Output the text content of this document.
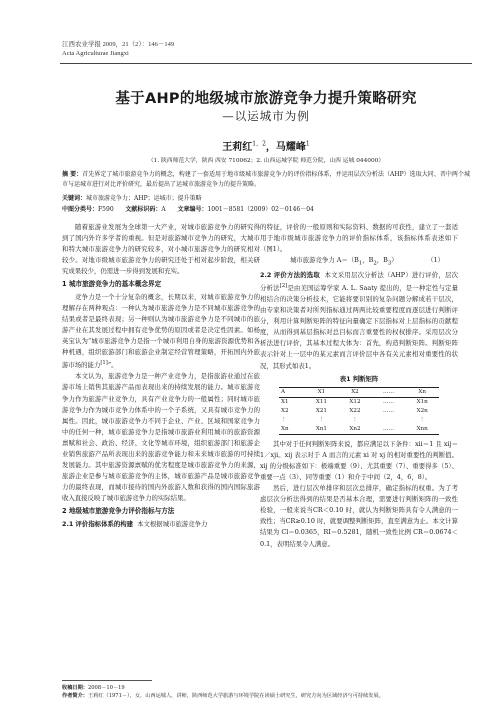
江西农业学报 2009，21（2）：146－149
Acta Agriculturae Jiangxi
基于AHP的地级城市旅游竞争力提升策略研究
—以运城市为例
王莉红$^{1,2}$，马耀峰$^1$
（1. 陕西师范大学，陕西 西安 710062；2. 山西运城学院 师范分院，山西 运城 044000）
摘 要：首先界定了城市旅游竞争力的概念，构建了一套适用于地市级城市旅游竞争力的评价指标体系，并运用层次分析法（AHP）选取大同、晋中两个城市与运城市进行对比评价研究，最后提出了运城市旅游竞争力的提升策略。
关键词：城市旅游竞争力；AHP；运城市；提升策略
中图分类号：F590 文献标识码：A 文章编号：1001－8581（2009）02－0146－04

随着旅游业发展为全球第一大产业，对城市旅游竞争力的研究得到了国内外许多学者的重视。但是对旅游城市竞争力的研究，大城市和特大城市旅游竞争力的研究较多，对小城市旅游竞争力的研究相对较少。对地市级城市旅游竞争力的研究还处于相对起步阶段，相关研究成果较少，仍需进一步得到发展和充实。

1 城市旅游竞争力的基本概念界定

竞争力是一个十分复杂的概念，长期以来，对城市旅游竞争力的理解存在两种观点：一种认为城市旅游竞争力是不同城市旅游竞争的结果或者是最终表现；另一种则认为城市旅游竞争力是不同城市的旅游产业在其发展过程中拥有竞争优势的原因或者是决定性因素。如杨英宝认为“城市旅游竞争力是指一个城市利用自身的旅游资源优势和各种机遇，组织旅游部门和旅游企业制定经营管理策略，开拓国内外旅游市场的能力[1]”。

本文认为，旅游竞争力是一种产业竞争力，是指旅游业通过在旅游市场上销售其旅游产品而表现出来的持续发展的能力。城市旅游竞争力作为旅游产业竞争力，具有产业竞争力的一般属性；同时城市旅游竞争力作为城市竞争力体系中的一个子系统，又具有城市竞争力的属性。因此，城市旅游竞争力不同于企业、产业、区域和国家竞争力中的任何一种，城市旅游竞争力是指城市旅游业利用城市的旅游资源禀赋和社会、政治、经济、文化等城市环境，组织旅游部门和旅游企业销售旅游产品所表现出来的旅游竞争能力和未来城市旅游的可持续发展能力。其中旅游资源禀赋的优劣程度是城市旅游竞争力的来源，旅游企业是参与城市旅游竞争的主体，城市旅游产品是城市旅游竞争力的最终表现，而城市接待的国内外旅游人数和获得的国内国际旅游收入直接反映了城市旅游竞争力的实际结果。

2 地级城市旅游竞争力评价指标与方法

2.1 评价指标体系的构建 本文根据城市旅游竞争力

的特征，评价的一般原则和实际资料、数据的可获性，建立了一套适用于地市级城市旅游竞争力的评价指标体系，该指标体系表述如下（图1）。

城市旅游竞争力 $A=(B_1$，$B_2$，$B_3$）	（1）

2.2 评价方法的选取 本文采用层次分析法（AHP）进行评价，层次分析法[2]是由美国运筹学家 A. L. Saaty 提出的，是一种定性与定量相结合的决策分析技术，它能将要识别的复杂问题分解成若干层次，由专家和决策者对所列指标通过两两比较重要程度而逐层进行判断评分，利用计算判断矩阵的特征向量确定下层指标对上层指标的贡献程度，从而得到基层指标对总目标而言重要性的权权排序。采用层次分析法进行评价，其基本过程大体为：首先，构造判断矩阵。判断矩阵表示针对上一层中的某元素而言评价层中各有关元素相对重要性的状况，其形式如表1。

表1 判断矩阵
A	X1	X2	……	Xn
X1	X11	X12	……	X1n
X2	X21	X22	……	X2n
⋮	⋮	⋮		⋮
Xn	Xn1	Xn2	……	Xnn

其中对于任何判断矩阵来说，都应满足以下条件：xii＝1 且 xij＝1／xji。xij 表示对于 A 而言的元素 xi 对 xj 的相对重要性的判断值。xij 的分级标准如下：极端重要（9）、尤其重要（7）、重要得多（5）、重要一点（3）、同等重要（1）和介于中间（2，4，6，8）。

然后，进行层次单排序和层次总排序，确定指标的权重。为了考虑层次分析法得到的结果是否基本合理，需要进行判断矩阵的一致性检验，一般来说当CR＜0.10 时，就认为判断矩阵具有令人满意的一致性；当CR≥0.10 时，就要调整判断矩阵，直至满意为止。本文计算结果为 Cl＝0.0365，RI＝0.5281，随机一致性比例 CR＝0.0674＜0.1，表明结果令人满意。

收稿日期：2008－10－19
作者简介：王莉红（1971－），女，山西运城人，讲师，陕西师范大学旅游与环境学院在读硕士研究生，研究方向为区域经济与可持续发展。
